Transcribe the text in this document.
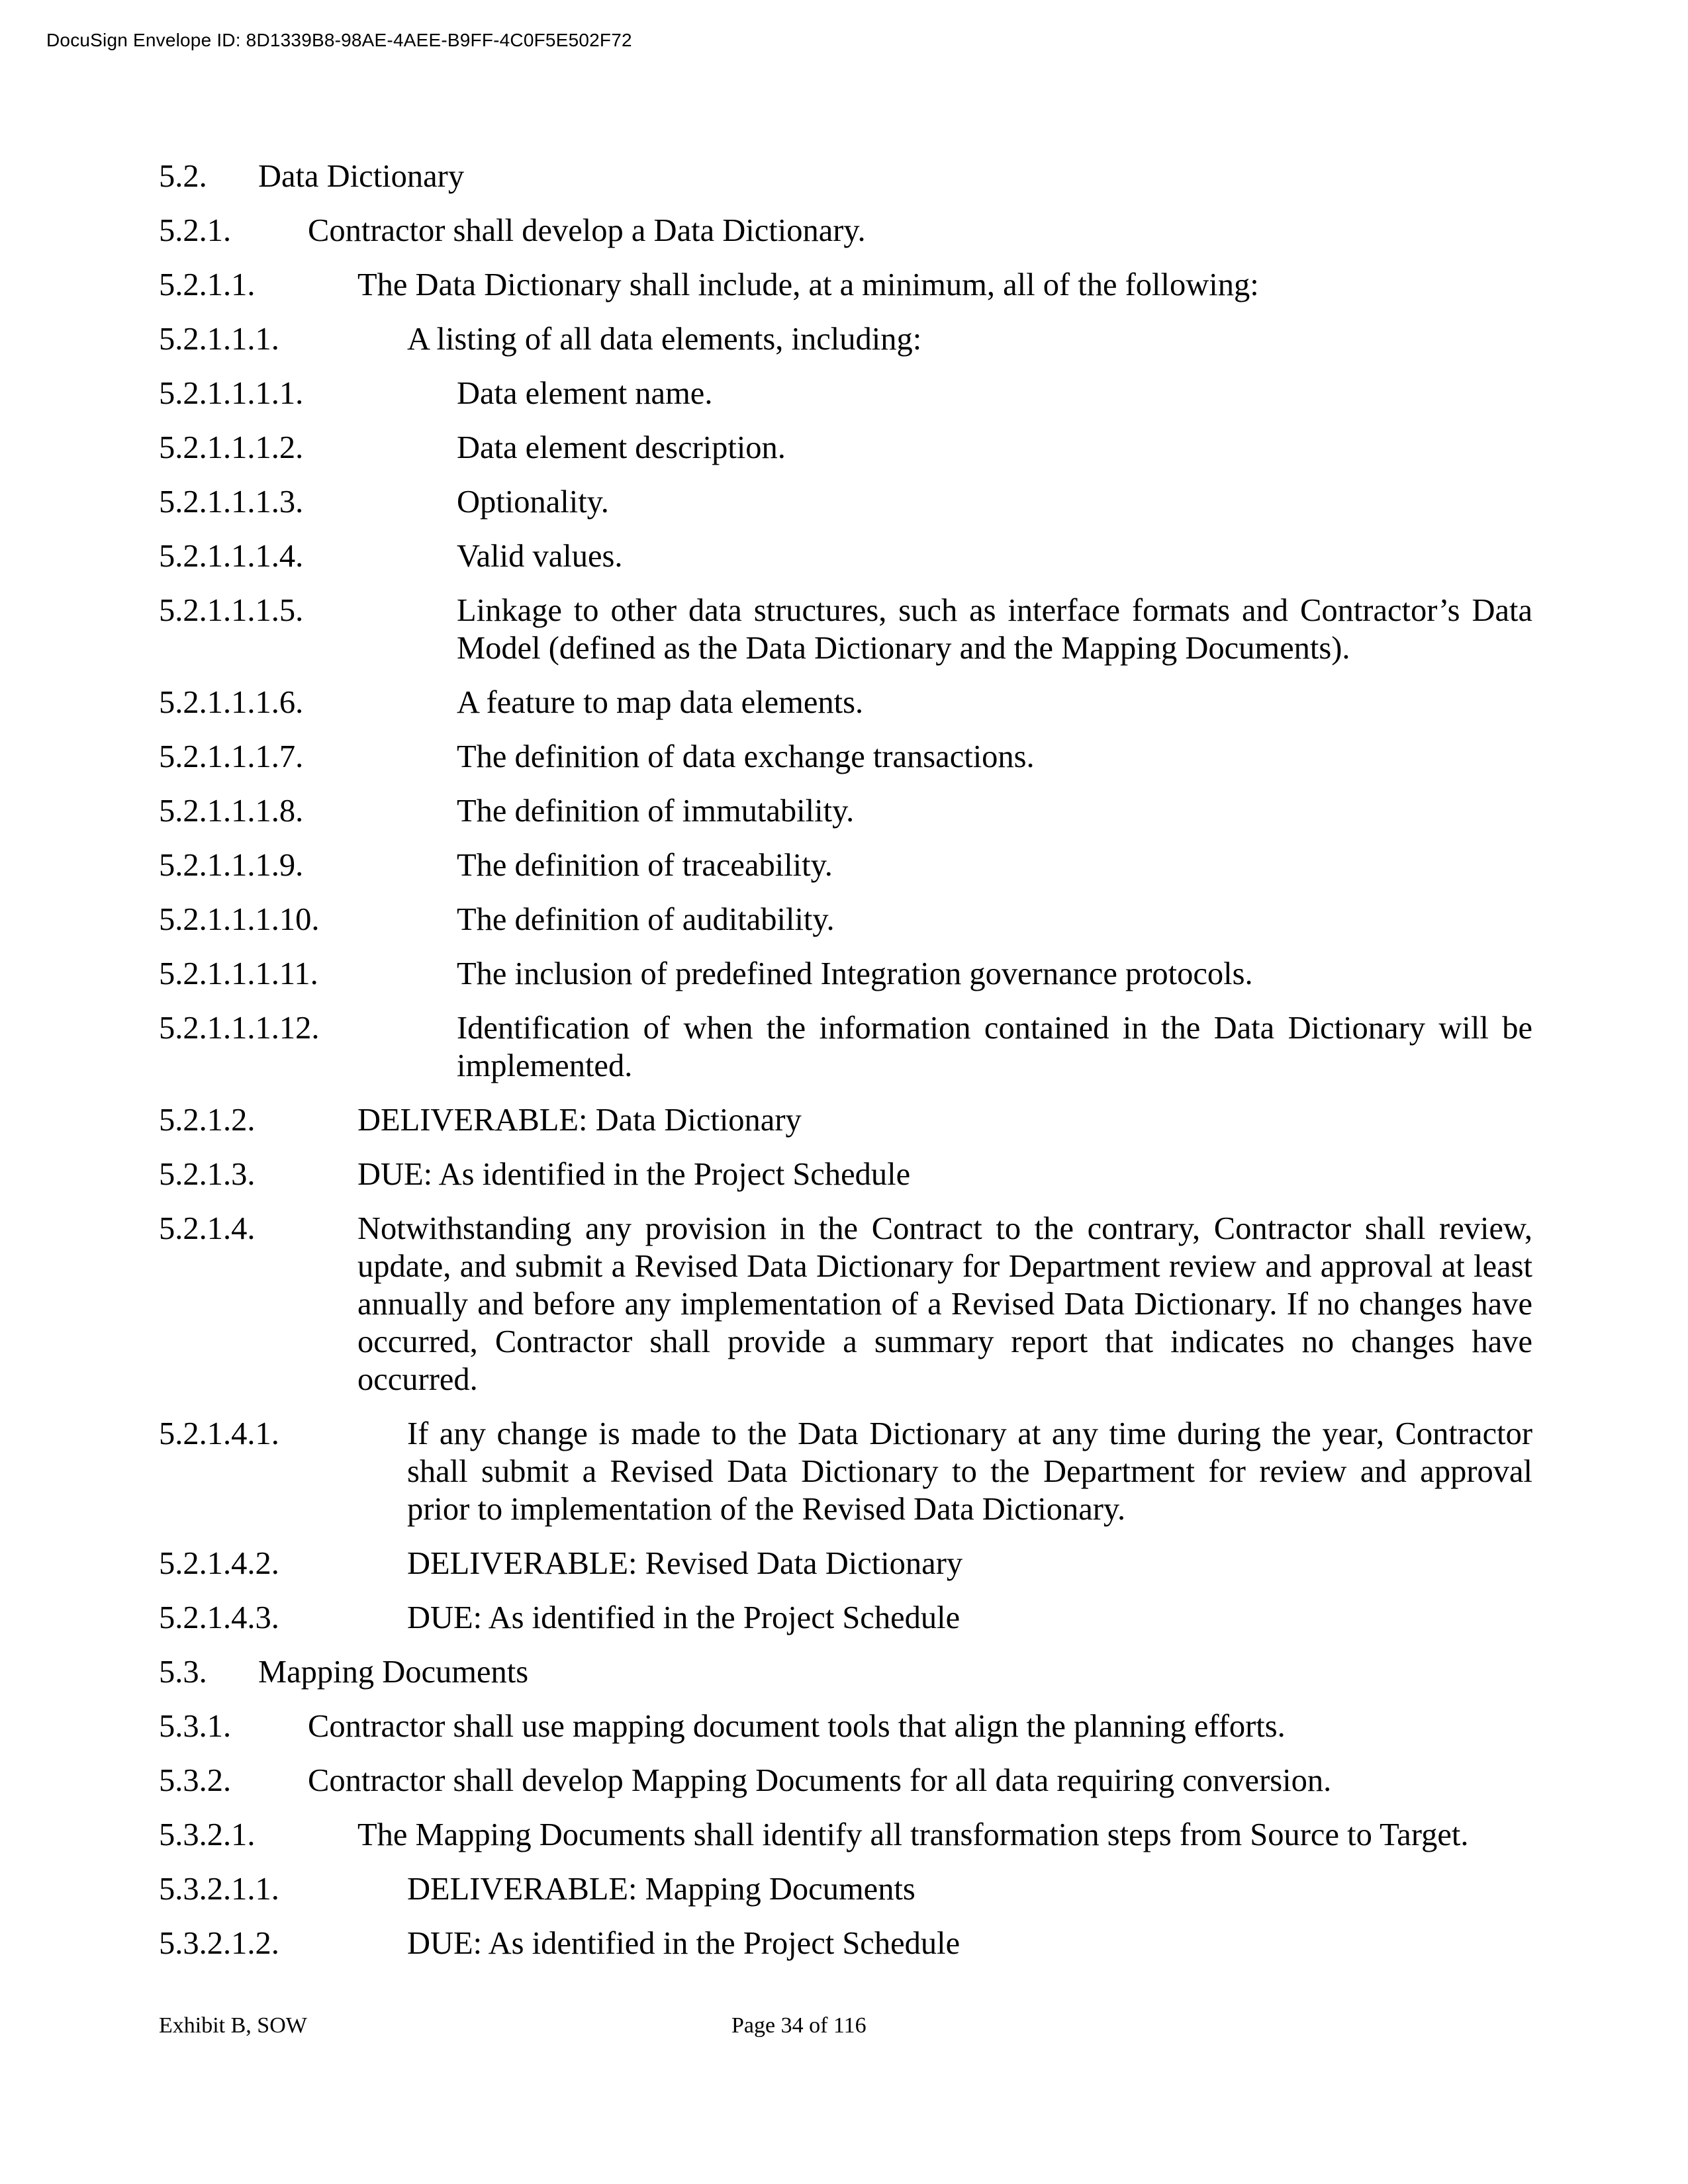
DocuSign Envelope ID: 8D1339B8-98AE-4AEE-B9FF-4C0F5E502F72
5.2.	Data Dictionary
5.2.1.	Contractor shall develop a Data Dictionary.
5.2.1.1.	The Data Dictionary shall include, at a minimum, all of the following:
5.2.1.1.1.	A listing of all data elements, including:
5.2.1.1.1.1.	Data element name.
5.2.1.1.1.2.	Data element description.
5.2.1.1.1.3.	Optionality.
5.2.1.1.1.4.	Valid values.
5.2.1.1.1.5.	Linkage to other data structures, such as interface formats and Contractor’s Data Model (defined as the Data Dictionary and the Mapping Documents).
5.2.1.1.1.6.	A feature to map data elements.
5.2.1.1.1.7.	The definition of data exchange transactions.
5.2.1.1.1.8.	The definition of immutability.
5.2.1.1.1.9.	The definition of traceability.
5.2.1.1.1.10.	The definition of auditability.
5.2.1.1.1.11.	The inclusion of predefined Integration governance protocols.
5.2.1.1.1.12.	Identification of when the information contained in the Data Dictionary will be implemented.
5.2.1.2.	DELIVERABLE: Data Dictionary
5.2.1.3.	DUE: As identified in the Project Schedule
5.2.1.4.	Notwithstanding any provision in the Contract to the contrary, Contractor shall review, update, and submit a Revised Data Dictionary for Department review and approval at least annually and before any implementation of a Revised Data Dictionary. If no changes have occurred, Contractor shall provide a summary report that indicates no changes have occurred.
5.2.1.4.1.	If any change is made to the Data Dictionary at any time during the year, Contractor shall submit a Revised Data Dictionary to the Department for review and approval prior to implementation of the Revised Data Dictionary.
5.2.1.4.2.	DELIVERABLE: Revised Data Dictionary
5.2.1.4.3.	DUE: As identified in the Project Schedule
5.3.	Mapping Documents
5.3.1.	Contractor shall use mapping document tools that align the planning efforts.
5.3.2.	Contractor shall develop Mapping Documents for all data requiring conversion.
5.3.2.1.	The Mapping Documents shall identify all transformation steps from Source to Target.
5.3.2.1.1.	DELIVERABLE: Mapping Documents
5.3.2.1.2.	DUE: As identified in the Project Schedule
Exhibit B, SOW	Page 34 of 116
